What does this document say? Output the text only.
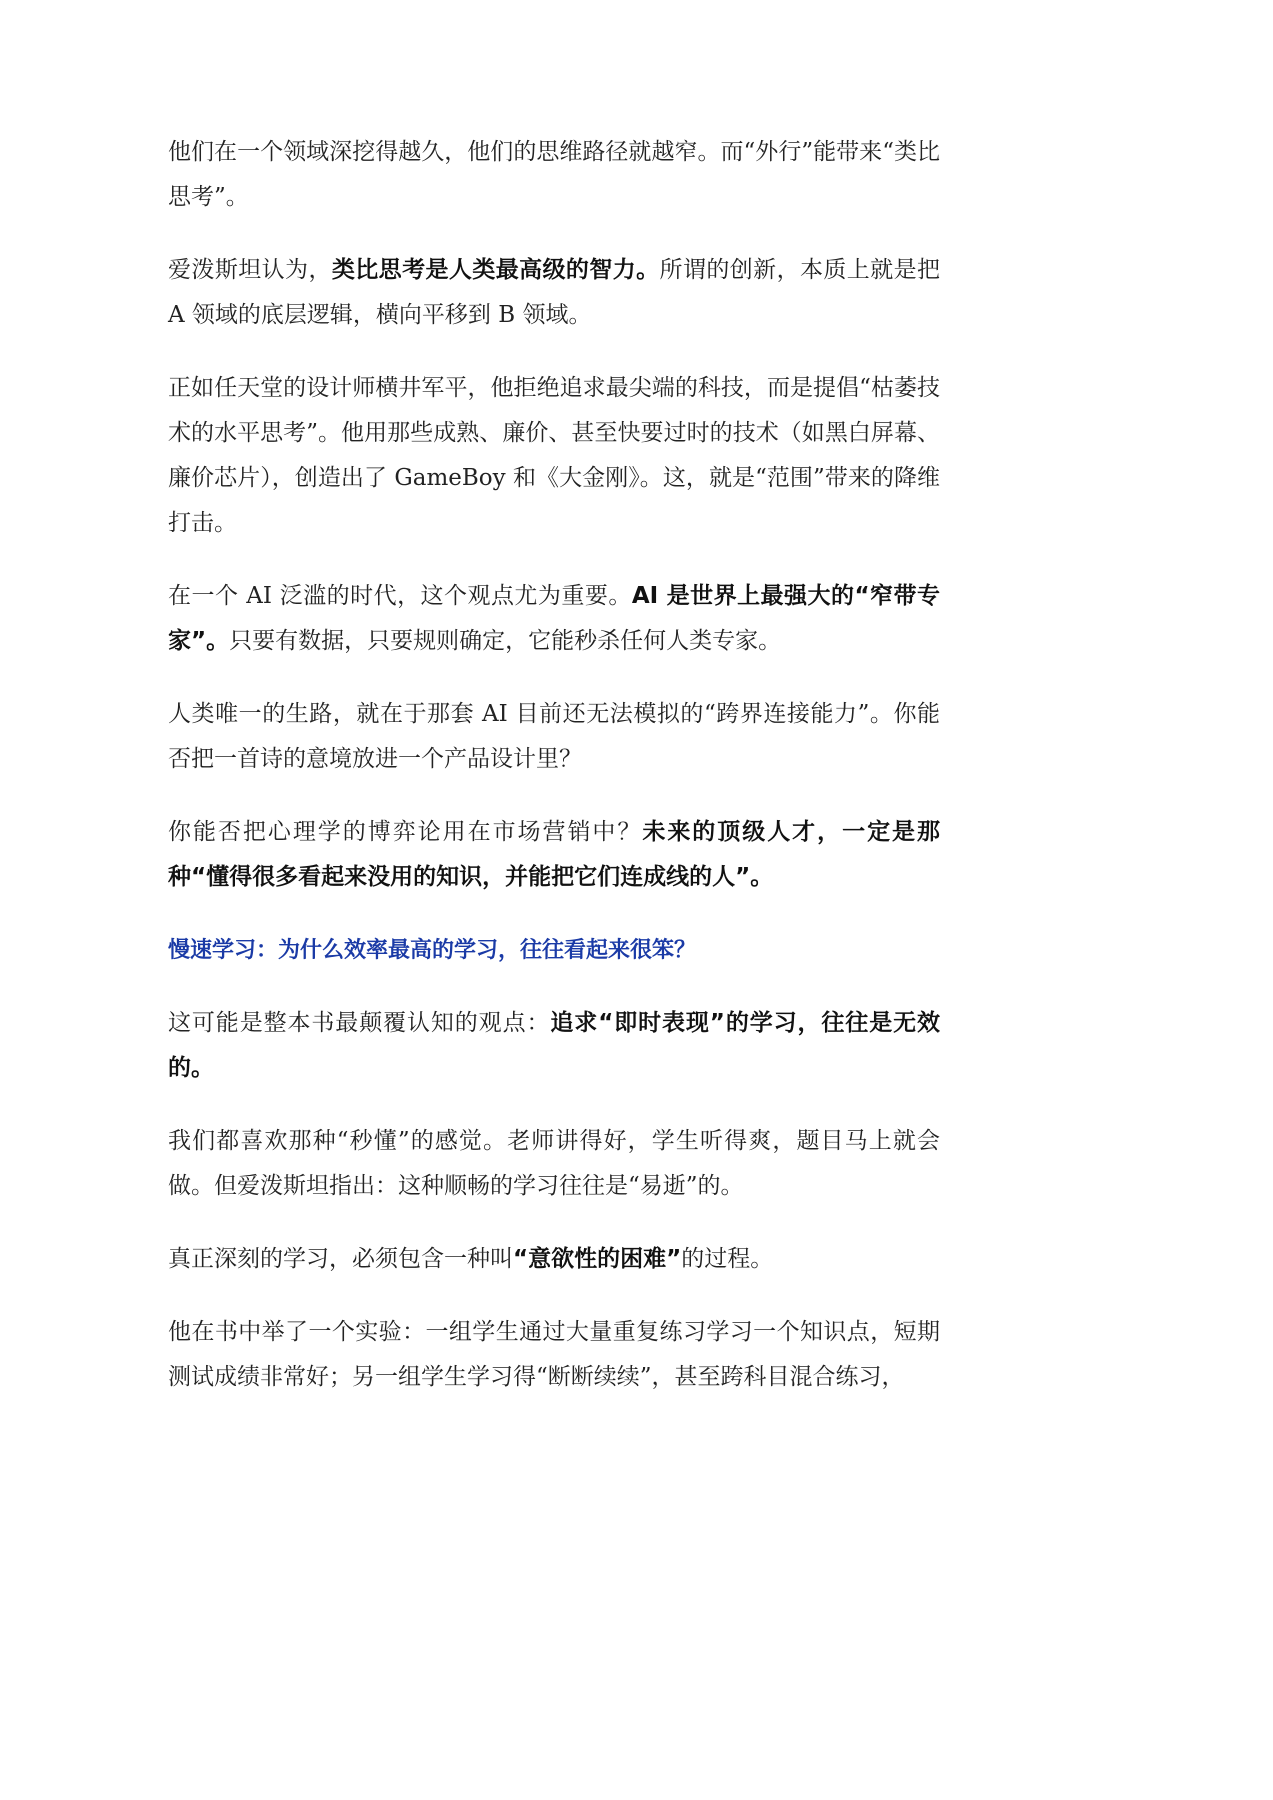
他们在一个领域深挖得越久，他们的思维路径就越窄。而“外行”能带来“类比思考”。

爱泼斯坦认为，类比思考是人类最高级的智力。所谓的创新，本质上就是把 A 领域的底层逻辑，横向平移到 B 领域。

正如任天堂的设计师横井军平，他拒绝追求最尖端的科技，而是提倡“枯萎技术的水平思考”。他用那些成熟、廉价、甚至快要过时的技术（如黑白屏幕、廉价芯片），创造出了 GameBoy 和《大金刚》。这，就是“范围”带来的降维打击。

在一个 AI 泛滥的时代，这个观点尤为重要。AI 是世界上最强大的“窄带专家”。只要有数据，只要规则确定，它能秒杀任何人类专家。

人类唯一的生路，就在于那套 AI 目前还无法模拟的“跨界连接能力”。你能否把一首诗的意境放进一个产品设计里？

你能否把心理学的博弈论用在市场营销中？未来的顶级人才，一定是那种“懂得很多看起来没用的知识，并能把它们连成线的人”。

慢速学习：为什么效率最高的学习，往往看起来很笨？

这可能是整本书最颠覆认知的观点：追求“即时表现”的学习，往往是无效的。

我们都喜欢那种“秒懂”的感觉。老师讲得好，学生听得爽，题目马上就会做。但爱泼斯坦指出：这种顺畅的学习往往是“易逝”的。

真正深刻的学习，必须包含一种叫“意欲性的困难”的过程。

他在书中举了一个实验：一组学生通过大量重复练习学习一个知识点，短期测试成绩非常好；另一组学生学习得“断断续续”，甚至跨科目混合练习，
